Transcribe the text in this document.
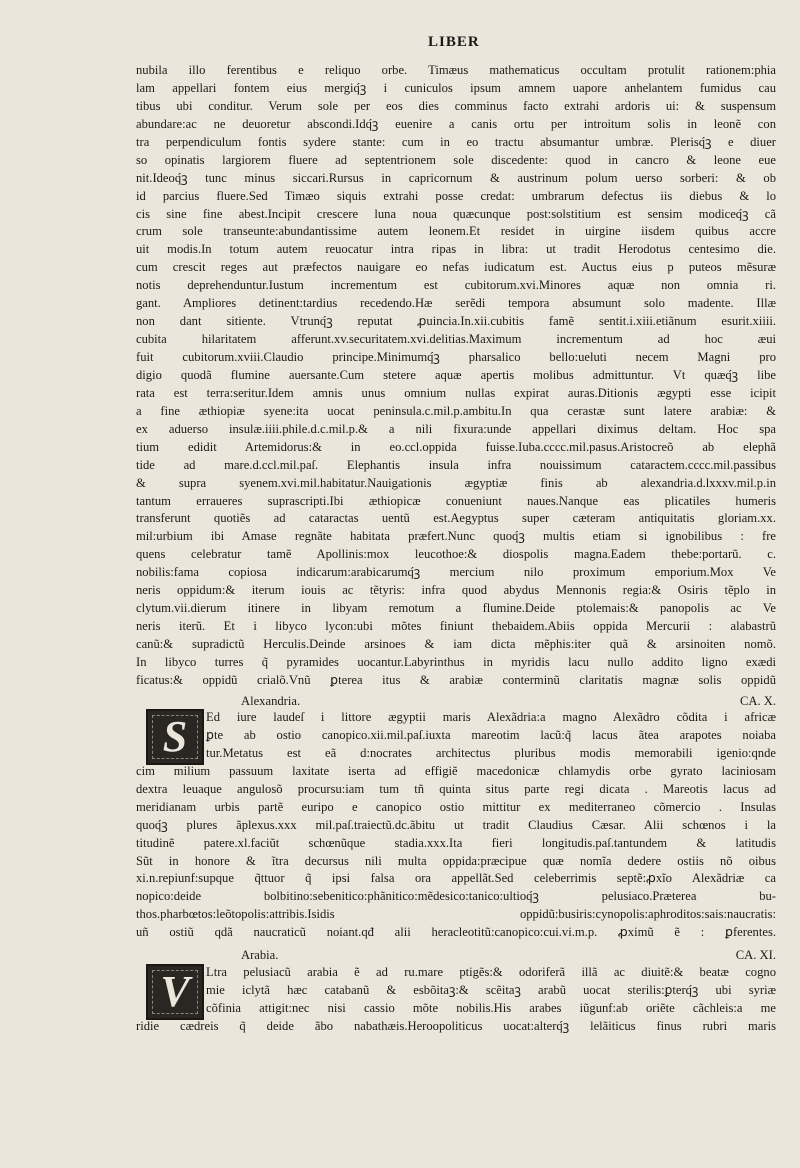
LIBER
nubila illo ferentibus e reliquo orbe. Timæus mathematicus occultam protulit rationem:phia
lam appellari fontem eius mergiq́ꝫ i cuniculos ipsum amnem uapore anhelantem fumidus cau
tibus ubi conditur. Verum sole per eos dies comminus facto extrahi ardoris ui: & suspensum
abundare:ac ne deuoretur abscondi.Idq́ꝫ euenire a canis ortu per introitum solis in leonẽ con
tra perpendiculum fontis sydere stante: cum in eo tractu absumantur umbræ. Plerisq́ꝫ e diuer
so opinatis largiorem fluere ad septentrionem sole discedente: quod in cancro & leone eue
nit.Ideoq́ꝫ tunc minus siccari.Rursus in capricornum & austrinum polum uerso sorberi: & ob
id parcius fluere.Sed Timæo siquis extrahi posse credat: umbrarum defectus iis diebus & lo
cis sine fine abest.Incipit crescere luna noua quæcunque post:solstitium est sensim modiceq́ꝫ cã
crum sole transeunte:abundantissime autem leonem.Et residet in uirgine iisdem quibus accre
uit modis.In totum autem reuocatur intra ripas in libra: ut tradit Herodotus centesimo die.
cum crescit reges aut præfectos nauigare eo nefas iudicatum est. Auctus eius p puteos mẽsuræ
notis deprehenduntur.Iustum incrementum est cubitorum.xvi.Minores aquæ non omnia ri.
gant. Ampliores detinent:tardius recedendo.Hæ serẽdi tempora absumunt solo madente. Illæ
non dant sitiente. Vtrunq́ꝫ reputat ꝓuincia.In.xii.cubitis famẽ sentit.i.xiii.etiãnum esurit.xiiii.
cubita hilaritatem afferunt.xv.securitatem.xvi.delitias.Maximum incrementum ad hoc æui
fuit cubitorum.xviii.Claudio principe.Minimumq́ꝫ pharsalico bello:ueluti necem Magni pro
digio quodã flumine auersante.Cum stetere aquæ apertis molibus admittuntur. Vt quæq́ꝫ libe
rata est terra:seritur.Idem amnis unus omnium nullas expirat auras.Ditionis ægypti esse icipit
a fine æthiopiæ syene:ita uocat peninsula.c.mil.p.ambitu.In qua cerastæ sunt latere arabiæ: &
ex aduerso insulæ.iiii.phile.d.c.mil.p.& a nili fixura:unde appellari diximus deltam. Hoc spa
tium edidit Artemidorus:& in eo.ccl.oppida fuisse.Iuba.cccc.mil.pasus.Aristocreõ ab elephã
tide ad mare.d.ccl.mil.paſ. Elephantis insula infra nouissimum cataractem.cccc.mil.passibus
& supra syenem.xvi.mil.habitatur.Nauigationis ægyptiæ finis ab alexandria.d.lxxxv.mil.p.in
tantum erraueres suprascripti.Ibi æthiopicæ conueniunt naues.Nanque eas plicatiles humeris
transferunt quotiẽs ad cataractas uentũ est.Aegyptus super cæteram antiquitatis gloriam.xx.
mil:urbium ibi Amase regnãte habitata præfert.Nunc quoq́ꝫ multis etiam si ignobilibus : fre
quens celebratur tamẽ Apollinis:mox leucothoe:& diospolis magna.Eadem thebe:portarũ. c.
nobilis:fama copiosa indicarum:arabicarumq́ꝫ mercium nilo proximum emporium.Mox Ve
neris oppidum:& iterum iouis ac tẽtyris: infra quod abydus Mennonis regia:& Osiris tẽplo in
clytum.vii.dierum itinere in libyam remotum a flumine.Deide ptolemais:& panopolis ac Ve
neris iterũ. Et i libyco lycon:ubi mõtes finiunt thebaidem.Abiis oppida Mercurii : alabastrũ
canũ:& supradictũ Herculis.Deinde arsinoes & iam dicta mẽphis:iter quã & arsinoiten nomõ.
In libyco turres q̃ pyramides uocantur.Labyrinthus in myridis lacu nullo addito ligno exædi
ficatus:& oppidũ crialõ.Vnũ ꝑterea itus & arabiæ conterminũ claritatis magnæ solis oppidũ
Alexandria.	CA. X.
S	Ed iure laudeſ i littore ægyptii maris Alexãdria:a magno Alexãdro cõdita i africæ
ꝑte ab ostio canopico.xii.mil.paſ.iuxta mareotim lacũ:q̃ lacus ãtea arapotes noiaba
tur.Metatus est eã d:nocrates architectus pluribus modis memorabili igenio:qnde
cim milium passuum laxitate iserta ad effigiẽ macedonicæ chlamydis orbe gyrato laciniosam
dextra leuaque angulosõ procursu:iam tum tñ quinta situs parte regi dicata . Mareotis lacus ad
meridianam urbis partẽ euripo e canopico ostio mittitur ex mediterraneo cõmercio . Insulas
quoq́ꝫ plures ãplexus.xxx mil.paſ.traiectũ.dc.ãbitu ut tradit Claudius Cæsar. Alii schœnos i la
titudinẽ patere.xl.faciũt schœnũque stadia.xxx.Ita fieri longitudis.paſ.tantundem & latitudis
Sũt in honore & ĩtra decursus nili multa oppida:præcipue quæ nomĩa dedere ostiis nõ oibus
xi.n.repiunf:supque q̃ttuor q̃ ipsi falsa ora appellãt.Sed celeberrimis septẽ:ꝓxĩo Alexãdriæ ca
nopico:deide bolbitino:sebenitico:phãnitico:mẽdesico:tanico:ultioq́ꝫ pelusiaco.Præterea bu-
thos.pharbœtos:leõtopolis:attribis.Isidis oppidũ:busiris:cynopolis:aphroditos:sais:naucratis:
uñ ostiũ qdã naucraticũ noiant.qđ alii heracleotitũ:canopico:cui.vi.m.p. ꝓximũ ẽ : ꝑferentes.
Arabia.	CA. XI.
V	Ltra pelusiacũ arabia ẽ ad ru.mare ptigẽs:& odoriferã illã ac diuitẽ:& beatæ cogno
mie iclytã hæc catabanũ & esbõitaꝫ:& scẽitaꝫ arabũ uocat sterilis:ꝑterq́ꝫ ubi syriæ
cõfinia attigit:nec nisi cassio mõte nobilis.His arabes iũgunf:ab oriẽte cãchleis:a me
ridie cædreis q̃ deide ãbo nabathæis.Heroopoliticus uocat:alterq́ꝫ lelãiticus finus rubri maris
